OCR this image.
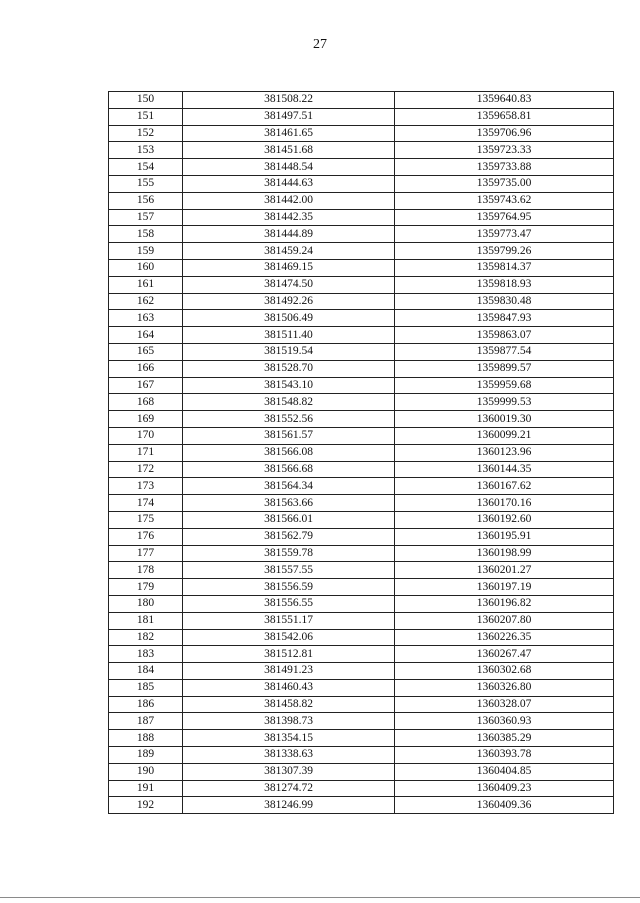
27
150	381508.22	1359640.83
151	381497.51	1359658.81
152	381461.65	1359706.96
153	381451.68	1359723.33
154	381448.54	1359733.88
155	381444.63	1359735.00
156	381442.00	1359743.62
157	381442.35	1359764.95
158	381444.89	1359773.47
159	381459.24	1359799.26
160	381469.15	1359814.37
161	381474.50	1359818.93
162	381492.26	1359830.48
163	381506.49	1359847.93
164	381511.40	1359863.07
165	381519.54	1359877.54
166	381528.70	1359899.57
167	381543.10	1359959.68
168	381548.82	1359999.53
169	381552.56	1360019.30
170	381561.57	1360099.21
171	381566.08	1360123.96
172	381566.68	1360144.35
173	381564.34	1360167.62
174	381563.66	1360170.16
175	381566.01	1360192.60
176	381562.79	1360195.91
177	381559.78	1360198.99
178	381557.55	1360201.27
179	381556.59	1360197.19
180	381556.55	1360196.82
181	381551.17	1360207.80
182	381542.06	1360226.35
183	381512.81	1360267.47
184	381491.23	1360302.68
185	381460.43	1360326.80
186	381458.82	1360328.07
187	381398.73	1360360.93
188	381354.15	1360385.29
189	381338.63	1360393.78
190	381307.39	1360404.85
191	381274.72	1360409.23
192	381246.99	1360409.36
